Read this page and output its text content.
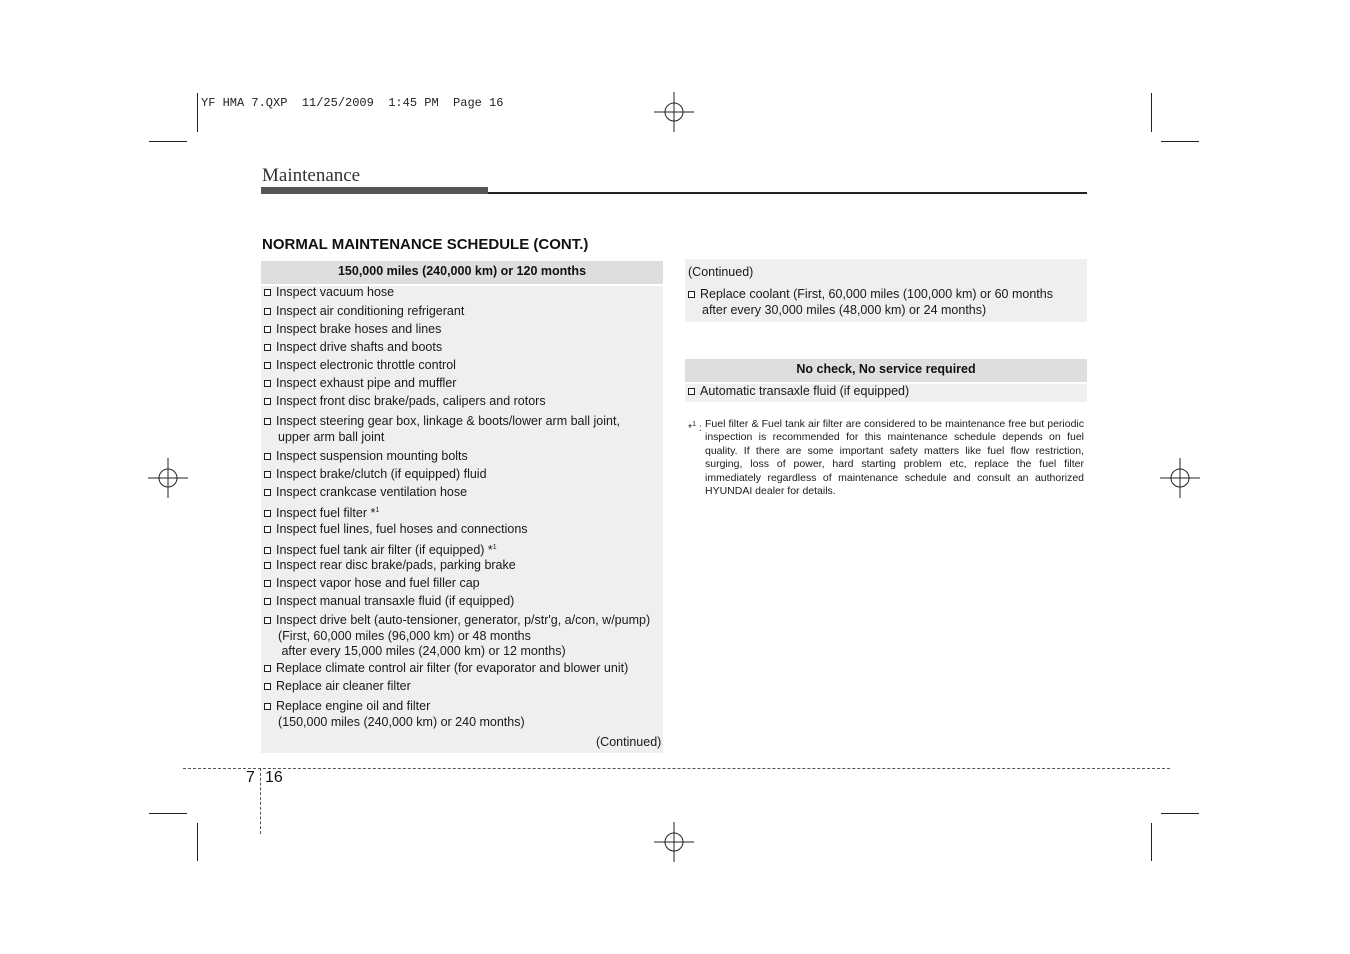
YF HMA 7.QXP  11/25/2009  1:45 PM  Page 16
Maintenance
NORMAL MAINTENANCE SCHEDULE (CONT.)
150,000 miles (240,000 km) or 120 months
Inspect vacuum hose
Inspect air conditioning refrigerant
Inspect brake hoses and lines
Inspect drive shafts and boots
Inspect electronic throttle control
Inspect exhaust pipe and muffler
Inspect front disc brake/pads, calipers and rotors
Inspect steering gear box, linkage & boots/lower arm ball joint,
upper arm ball joint
Inspect suspension mounting bolts
Inspect brake/clutch (if equipped) fluid
Inspect crankcase ventilation hose
Inspect fuel filter *$^1$
Inspect fuel lines, fuel hoses and connections
Inspect fuel tank air filter (if equipped) *$^1$
Inspect rear disc brake/pads, parking brake
Inspect vapor hose and fuel filler cap
Inspect manual transaxle fluid (if equipped)
Inspect drive belt (auto-tensioner, generator, p/str'g, a/con, w/pump)
(First, 60,000 miles (96,000 km) or 48 months
after every 15,000 miles (24,000 km) or 12 months)
Replace climate control air filter (for evaporator and blower unit)
Replace air cleaner filter
Replace engine oil and filter
(150,000 miles (240,000 km) or 240 months)
(Continued)
(Continued)
Replace coolant (First, 60,000 miles (100,000 km) or 60 months
after every 30,000 miles (48,000 km) or 24 months)
No check, No service required
Automatic transaxle fluid (if equipped)
*$^1$ : Fuel filter & Fuel tank air filter are considered to be maintenance free but periodic inspection is recommended for this maintenance schedule depends on fuel quality. If there are some important safety matters like fuel flow restriction, surging, loss of power, hard starting problem etc, replace the fuel filter immediately regardless of maintenance schedule and consult an authorized HYUNDAI dealer for details.
7 16
